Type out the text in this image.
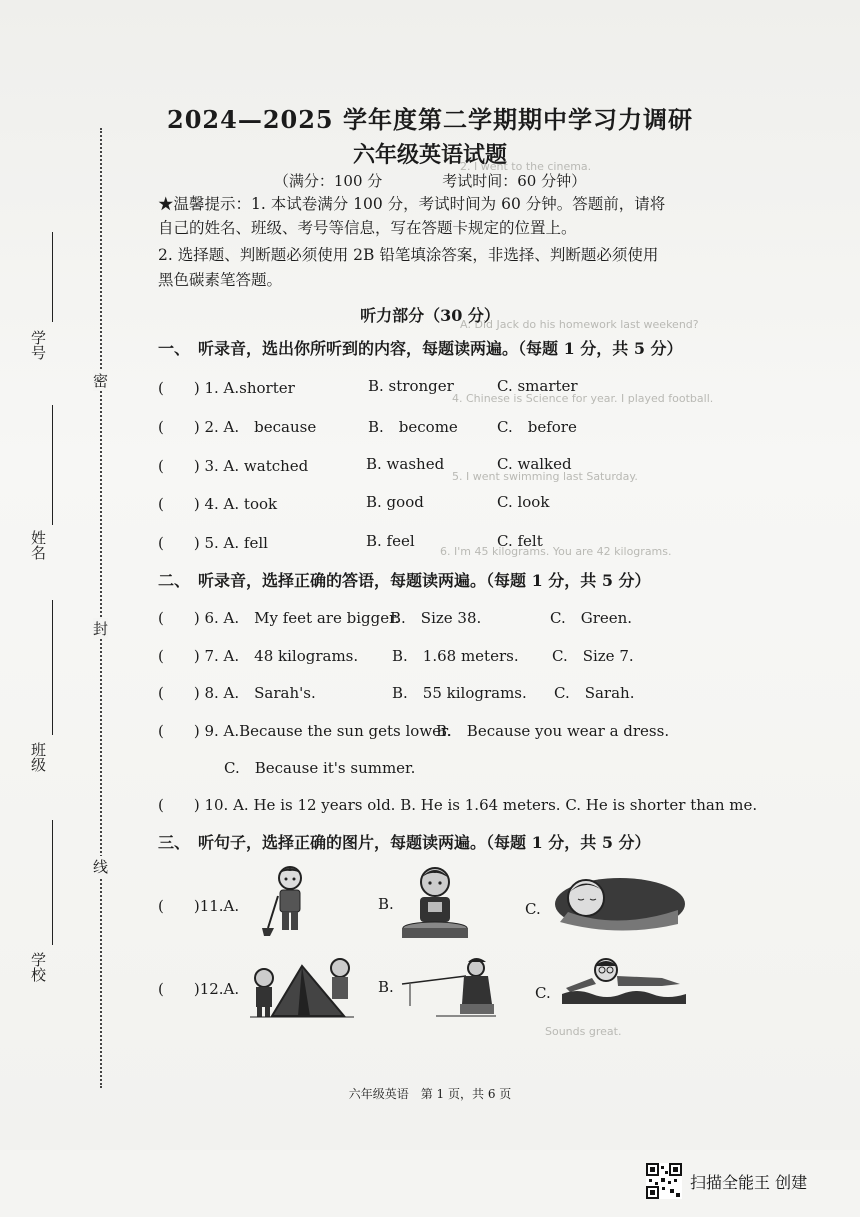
2. I went to the cinema.
A: Did Jack do his homework last weekend?
4. Chinese is Science for year. I played football.
5. I went swimming last Saturday.
6. I'm 45 kilograms. You are 42 kilograms.
Sounds great.
学号
姓名
班级
学校
密
封
线
2024—2025 学年度第二学期期中学习力调研
六年级英语试题
（满分：100 分　　　　考试时间：60 分钟）
★温馨提示：1. 本试卷满分 100 分，考试时间为 60 分钟。答题前，请将
自己的姓名、班级、考号等信息，写在答题卡规定的位置上。
2. 选择题、判断题必须使用 2B 铅笔填涂答案，非选择、判断题必须使用
黑色碳素笔答题。
听力部分（30 分）
一、　听录音，选出你所听到的内容，每题读两遍。（每题 1 分，共 5 分）
(　　) 1. A.shorter	B. stronger	C. smarter
(　　) 2. A.　because	B.　become	C.　before
(　　) 3. A. watched	B. washed	C. walked
(　　) 4. A. took	B. good	C. look
(　　) 5. A. fell	B. feel	C. felt
二、　听录音，选择正确的答语，每题读两遍。（每题 1 分，共 5 分）
(　　) 6. A.　My feet are bigger.
B.　Size 38.	C.　Green.
(　　) 7. A.　48 kilograms. B.　1.68 meters. C.　Size 7.
(　　) 8. A.　Sarah's.	B.　55 kilograms. C.　Sarah.
(　　) 9. A.Because the sun gets lower.
B.　Because you wear a dress.
C.　Because it's summer.
(　　) 10. A. He is 12 years old. B. He is 1.64 meters. C. He is shorter than me.
三、　听句子，选择正确的图片，每题读两遍。（每题 1 分，共 5 分）
(　　)11.A.	B.	C.
(　　)12.A.	B.	C.
六年级英语　第 1 页，共 6 页
扫描全能王 创建
